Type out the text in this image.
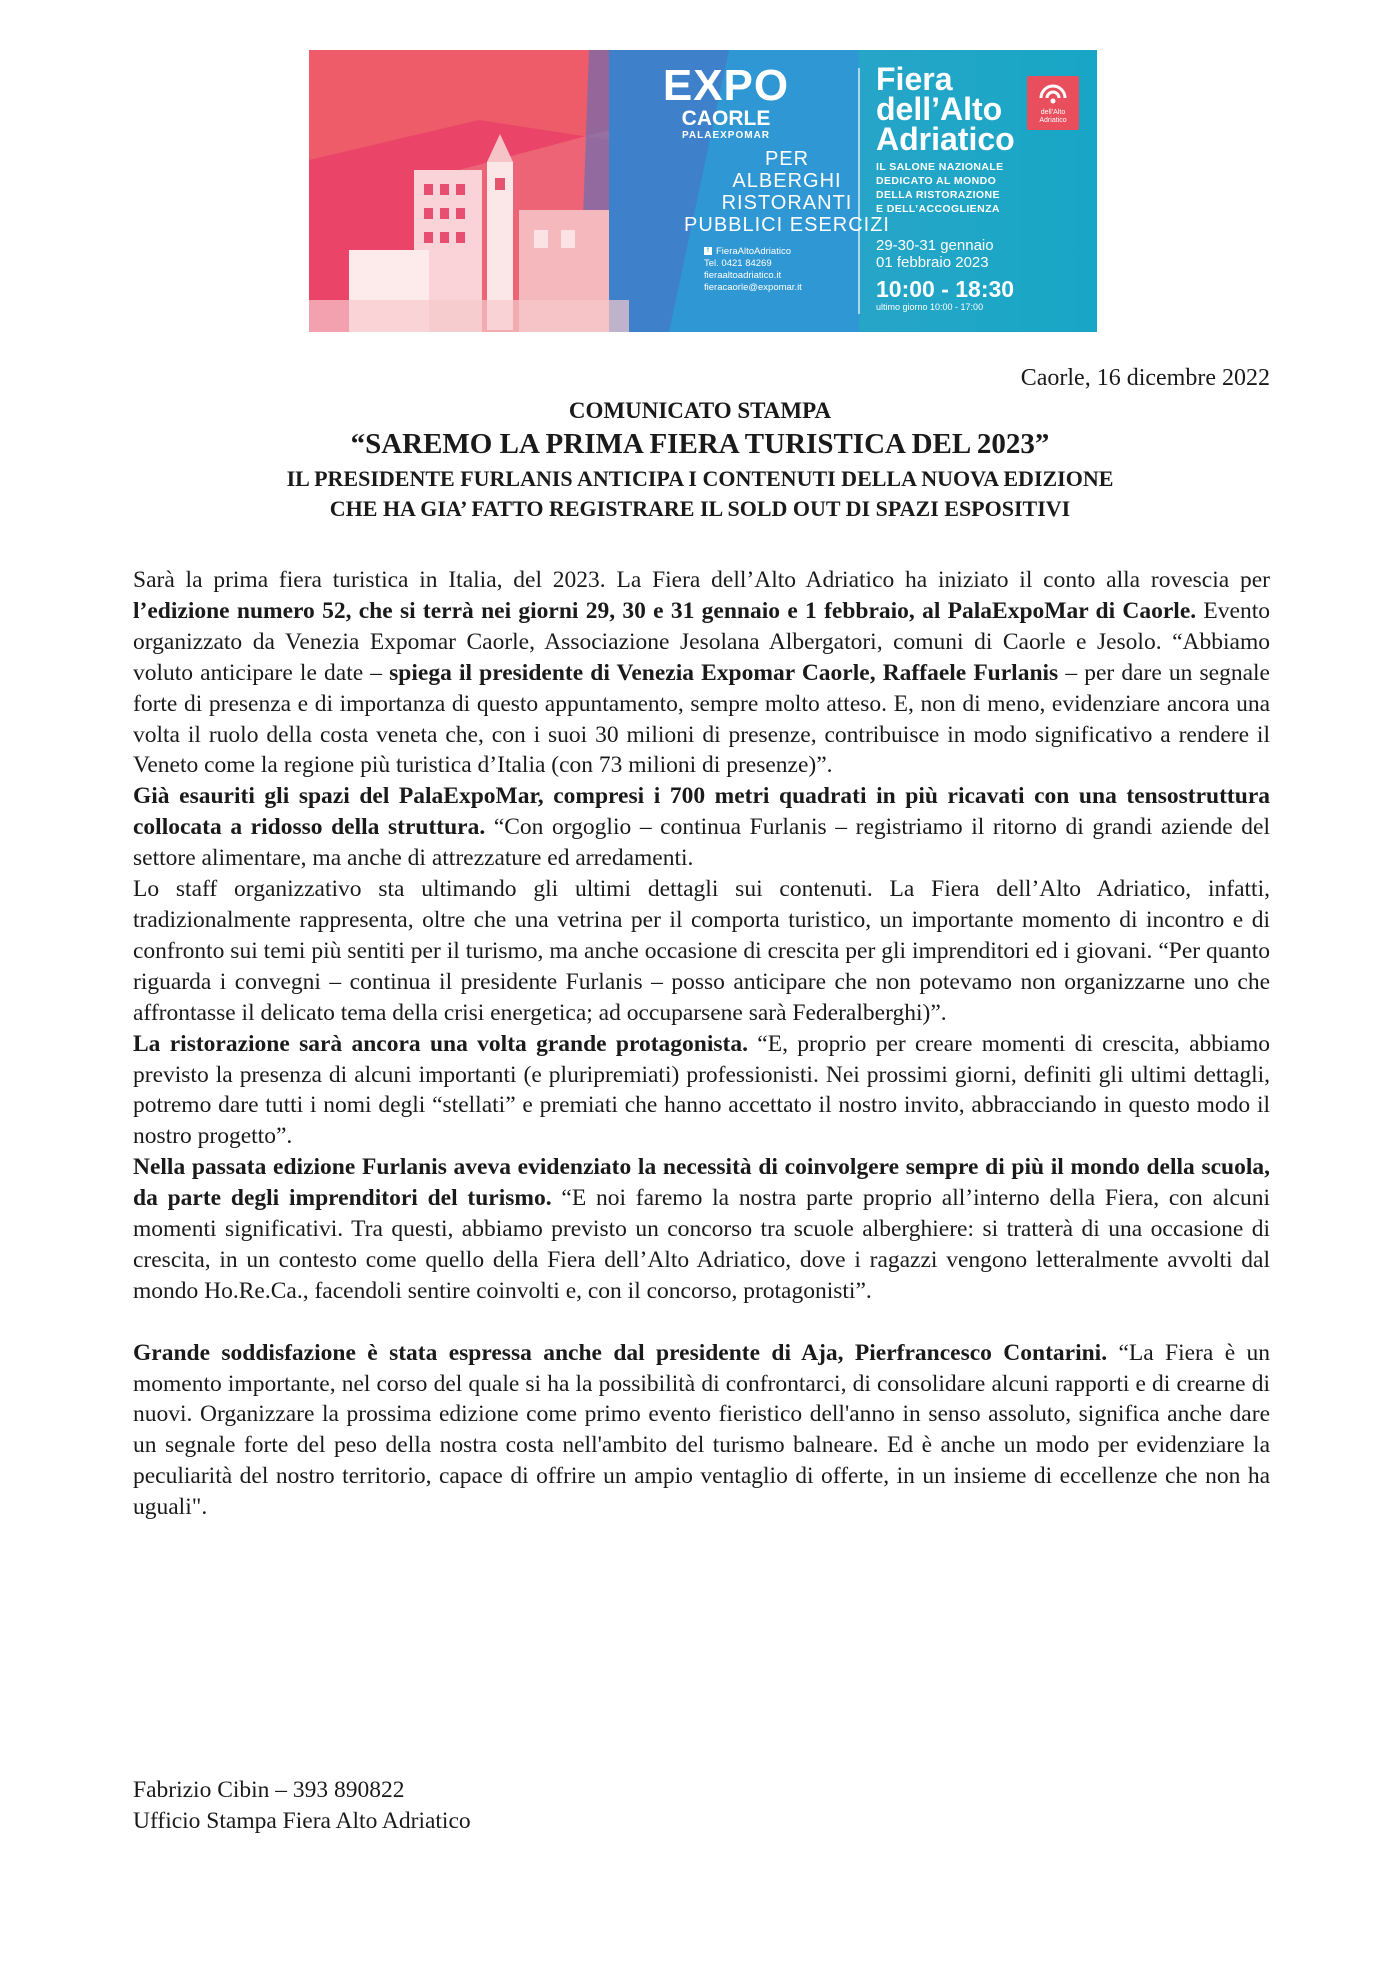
EXPO
CAORLE
PALAEXPOMAR
PER
ALBERGHI
RISTORANTI
PUBBLICI ESERCIZI
f FieraAltoAdriatico
Tel. 0421 84269
fieraaltoadriatico.it
fieracaorle@expomar.it
Fiera
dell’Alto
Adriatico
dell’Alto Adriatico
IL SALONE NAZIONALE
DEDICATO AL MONDO
DELLA RISTORAZIONE
E DELL’ACCOGLIENZA
29-30-31 gennaio
01 febbraio 2023
10:00 - 18:30
ultimo giorno 10:00 - 17:00
Caorle, 16 dicembre 2022
COMUNICATO STAMPA
“SAREMO LA PRIMA FIERA TURISTICA DEL 2023”
IL PRESIDENTE FURLANIS ANTICIPA I CONTENUTI DELLA NUOVA EDIZIONE
CHE HA GIA’ FATTO REGISTRARE IL SOLD OUT DI SPAZI ESPOSITIVI

Sarà la prima fiera turistica in Italia, del 2023. La Fiera dell’Alto Adriatico ha iniziato il conto alla rovescia per l’edizione numero 52, che si terrà nei giorni 29, 30 e 31 gennaio e 1 febbraio, al PalaExpoMar di Caorle. Evento organizzato da Venezia Expomar Caorle, Associazione Jesolana Albergatori, comuni di Caorle e Jesolo. “Abbiamo voluto anticipare le date – spiega il presidente di Venezia Expomar Caorle, Raffaele Furlanis – per dare un segnale forte di presenza e di importanza di questo appuntamento, sempre molto atteso. E, non di meno, evidenziare ancora una volta il ruolo della costa veneta che, con i suoi 30 milioni di presenze, contribuisce in modo significativo a rendere il Veneto come la regione più turistica d’Italia (con 73 milioni di presenze)”.

Già esauriti gli spazi del PalaExpoMar, compresi i 700 metri quadrati in più ricavati con una tensostruttura collocata a ridosso della struttura. “Con orgoglio – continua Furlanis – registriamo il ritorno di grandi aziende del settore alimentare, ma anche di attrezzature ed arredamenti.

Lo staff organizzativo sta ultimando gli ultimi dettagli sui contenuti. La Fiera dell’Alto Adriatico, infatti, tradizionalmente rappresenta, oltre che una vetrina per il comporta turistico, un importante momento di incontro e di confronto sui temi più sentiti per il turismo, ma anche occasione di crescita per gli imprenditori ed i giovani. “Per quanto riguarda i convegni – continua il presidente Furlanis – posso anticipare che non potevamo non organizzarne uno che affrontasse il delicato tema della crisi energetica; ad occuparsene sarà Federalberghi)”.

La ristorazione sarà ancora una volta grande protagonista. “E, proprio per creare momenti di crescita, abbiamo previsto la presenza di alcuni importanti (e pluripremiati) professionisti. Nei prossimi giorni, definiti gli ultimi dettagli, potremo dare tutti i nomi degli “stellati” e premiati che hanno accettato il nostro invito, abbracciando in questo modo il nostro progetto”.

Nella passata edizione Furlanis aveva evidenziato la necessità di coinvolgere sempre di più il mondo della scuola, da parte degli imprenditori del turismo. “E noi faremo la nostra parte proprio all’interno della Fiera, con alcuni momenti significativi. Tra questi, abbiamo previsto un concorso tra scuole alberghiere: si tratterà di una occasione di crescita, in un contesto come quello della Fiera dell’Alto Adriatico, dove i ragazzi vengono letteralmente avvolti dal mondo Ho.Re.Ca., facendoli sentire coinvolti e, con il concorso, protagonisti”.

Grande soddisfazione è stata espressa anche dal presidente di Aja, Pierfrancesco Contarini. “La Fiera è un momento importante, nel corso del quale si ha la possibilità di confrontarci, di consolidare alcuni rapporti e di crearne di nuovi. Organizzare la prossima edizione come primo evento fieristico dell'anno in senso assoluto, significa anche dare un segnale forte del peso della nostra costa nell'ambito del turismo balneare. Ed è anche un modo per evidenziare la peculiarità del nostro territorio, capace di offrire un ampio ventaglio di offerte, in un insieme di eccellenze che non ha uguali".

Fabrizio Cibin – 393 890822
Ufficio Stampa Fiera Alto Adriatico
